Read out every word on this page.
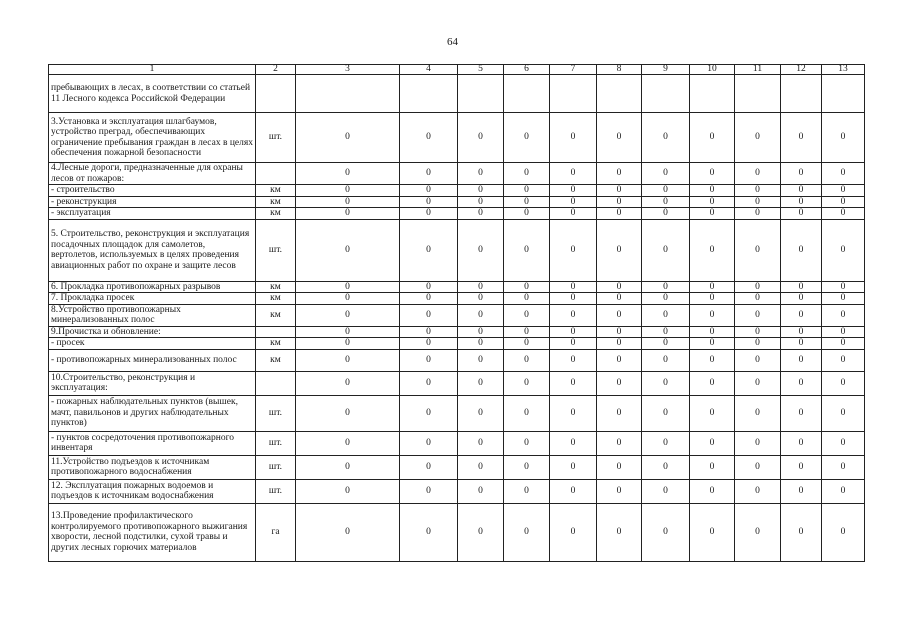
64
1	2	3	4	5	6	7	8	9	10	11	12	13
пребывающих в лесах, в соответствии со статьей 11 Лесного кодекса Российской Федерации												
3.Установка и эксплуатация шлагбаумов, устройство преград, обеспечивающих ограничение пребывания граждан в лесах в целях обеспечения пожарной безопасности	шт.	0	0	0	0	0	0	0	0	0	0	0
4.Лесные дороги, предназначенные для охраны лесов от пожаров:		0	0	0	0	0	0	0	0	0	0	0
- строительство	км	0	0	0	0	0	0	0	0	0	0	0
- реконструкция	км	0	0	0	0	0	0	0	0	0	0	0
- эксплуатация	км	0	0	0	0	0	0	0	0	0	0	0
5. Строительство, реконструкция и эксплуатация посадочных площадок для самолетов, вертолетов, используемых в целях проведения авиационных работ по охране и защите лесов	шт.	0	0	0	0	0	0	0	0	0	0	0
6. Прокладка противопожарных разрывов	км	0	0	0	0	0	0	0	0	0	0	0
7. Прокладка просек	км	0	0	0	0	0	0	0	0	0	0	0
8.Устройство противопожарных минерализованных полос	км	0	0	0	0	0	0	0	0	0	0	0
9.Прочистка и обновление:		0	0	0	0	0	0	0	0	0	0	0
- просек	км	0	0	0	0	0	0	0	0	0	0	0
- противопожарных минерализованных полос	км	0	0	0	0	0	0	0	0	0	0	0
10.Строительство, реконструкция и эксплуатация:		0	0	0	0	0	0	0	0	0	0	0
- пожарных наблюдательных пунктов (вышек, мачт, павильонов и других наблюдательных пунктов)	шт.	0	0	0	0	0	0	0	0	0	0	0
- пунктов сосредоточения противопожарного инвентаря	шт.	0	0	0	0	0	0	0	0	0	0	0
11.Устройство подъездов к источникам противопожарного водоснабжения	шт.	0	0	0	0	0	0	0	0	0	0	0
12. Эксплуатация пожарных водоемов и подъездов к источникам водоснабжения	шт.	0	0	0	0	0	0	0	0	0	0	0
13.Проведение профилактического контролируемого противопожарного выжигания хворости, лесной подстилки, сухой травы и других лесных горючих материалов	га	0	0	0	0	0	0	0	0	0	0	0
